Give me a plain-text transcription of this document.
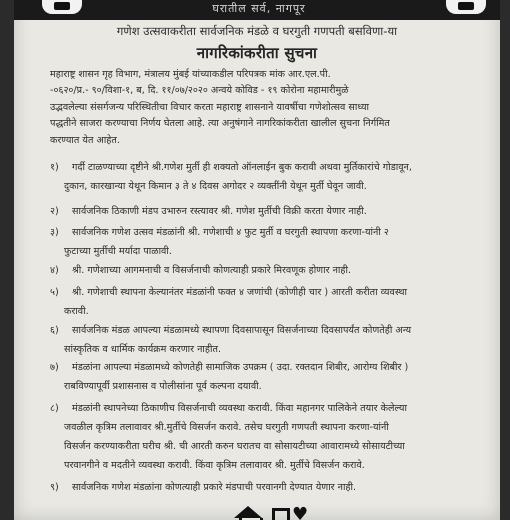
घरातील सर्व, नागपूर
गणेश उत्सवाकरीता सार्वजनिक मंडळे व घरगुती गणपती बसविणा-या
नागरिकांकरीता सुचना

महाराष्ट्र शासन गृह विभाग, मंत्रालय मुंबई यांच्याकडील परिपत्रक मांक आर.एल.पी.

-०६२०/प्र.- ९०/विशा-१, ब, दि. ११/०७/२०२० अन्वये कोविड - १९ कोरोना महामारीमुळे

उद्भवलेल्या संसर्गजन्य परिस्थितीचा विचार करता महाराष्ट्र शासनाने यावर्षीचा गणेशोत्सव साध्या

पद्धतीने साजरा करण्याचा निर्णय घेतला आहे. त्या अनुषंगाने नागरिकांकरीता खालील सुचना निर्गमित

करण्यात येत आहेत.

१) गर्दी टाळण्याच्या दृष्टीने श्री.गणेश मुर्ती ही शक्यतो ऑनलाईन बुक करावी अथवा मुर्तिकारांचे गोडावून,
दुकान, कारखान्या येथून किमान ३ ते ४ दिवस अगोदर २ व्यक्तींनी येथून मुर्ती घेवून जावी.
२) सार्वजनिक ठिकाणी मंडप उभारुन रस्त्यावर श्री. गणेश मुर्तीची विक्री करता येणार नाही.
३) सार्वजनिक गणेश उत्सव मंडळांनी श्री. गणेशाची ४ फुट मुर्ती व घरगुती स्थापणा करणा-यांनी २
फुटाच्या मुर्तीची मर्यादा पाळावी.
४) श्री. गणेशाच्या आगमनाची व विसर्जनाची कोणत्याही प्रकारे मिरवणूक होणार नाही.
५) श्री. गणेशाची स्थापना केल्यानंतर मंडळांनी फक्त ४ जणांची (कोणीही चार ) आरती करीता व्यवस्था
करावी.
६) सार्वजनिक मंडळ आपल्या मंडळामध्ये स्थापणा दिवसापासून विसर्जनाच्या दिवसापर्यंत कोणतेही अन्य
सांस्कृतिक व धार्मिक कार्यक्रम करणार नाहीत.
७) मंडळांना आपल्या मंडळामध्ये कोणतेही सामाजिक उपक्रम ( उदा. रक्तदान शिबीर, आरोग्य शिबीर )
राबविण्यापूर्वी प्रशासनास व पोलीसांना पूर्व कल्पना दयावी.
८) मंडळांनी स्थापनेच्या ठिकाणीच विसर्जनाची व्यवस्था करावी. किंवा महानगर पालिकेने तयार केलेल्या
जवळील कृत्रिम तलावावर श्री.मुर्तीचे विसर्जन करावे. तसेच घरगुती गणपती स्थापना करणा-यांनी
विसर्जन करण्याकरीता घरीच श्री. ची आरती करुन घरातच वा सोसायटीच्या आवारामध्ये सोसायटीच्या
परवानगीने व मदतीने व्यवस्था करावी. किंवा कृत्रिम तलावावर श्री. मुर्तीचे विसर्जन करावे.
९) सार्वजनिक गणेश मंडळांना कोणत्याही प्रकारे मंडपाची परवानगी देण्यात येणार नाही.
♥
